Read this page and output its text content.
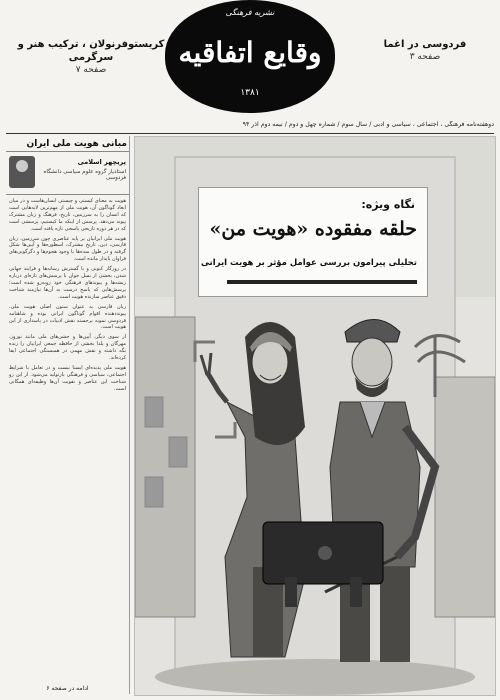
کریستوفرنولان ، ترکیب هنر و سرگرمی
صفحه ۷
نشریه فرهنگی
وقایع اتفاقیه
۱۳۸۱
فردوسی در اغما
صفحه ۳
دوهفته‌نامه فرهنگی ، اجتماعی ، سیاسی و ادبی / سال سوم / شماره چهل و دوم / نیمه دوم آذر ۹۴
مبانی هویت ملی ایران
پریچهر اسلامی
استادیار گروه علوم سیاسی دانشگاه فردوسی

هویت به معنای کیستی و چیستی انسان‌هاست و در میان ابعاد گوناگون آن، هویت ملی از مهم‌ترین لایه‌هایی است که انسان را به سرزمین، تاریخ، فرهنگ و زبان مشترک پیوند می‌دهد. پرسش از اینکه ما کیستیم، پرسشی است که در هر دوره تاریخی پاسخی تازه یافته است.

هویت ملی ایرانیان بر پایه عناصری چون سرزمین، زبان فارسی، دین، تاریخ مشترک، اسطوره‌ها و آیین‌ها شکل گرفته و در طول سده‌ها با وجود هجوم‌ها و دگرگونی‌های فراوان پایدار مانده است.

در روزگار کنونی و با گسترش رسانه‌ها و فرایند جهانی شدن، بخشی از نسل جوان با پرسش‌های تازه‌ای درباره ریشه‌ها و پیوندهای فرهنگی خود روبه‌رو شده است؛ پرسش‌هایی که پاسخ درست به آن‌ها نیازمند شناخت دقیق عناصر سازنده هویت است.

زبان فارسی به عنوان ستون اصلی هویت ملی، پیونددهنده اقوام گوناگون ایرانی بوده و شاهنامه فردوسی نمونه برجسته نقش ادبیات در پاسداری از این هویت است.

از سوی دیگر، آیین‌ها و جشن‌های ملی مانند نوروز، مهرگان و یلدا بخشی از حافظه جمعی ایرانیان را زنده نگه داشته و نقش مهمی در همبستگی اجتماعی ایفا کرده‌اند.

هویت ملی پدیده‌ای ایستا نیست و در تعامل با شرایط اجتماعی، سیاسی و فرهنگی بازتولید می‌شود. از این رو شناخت این عناصر و تقویت آن‌ها وظیفه‌ای همگانی است.

ادامه در صفحه ۶
نگاه ویژه:
حلقه مفقوده «هویت من»
تحلیلی پیرامون بررسی عوامل مؤثر بر هویت ایرانی
